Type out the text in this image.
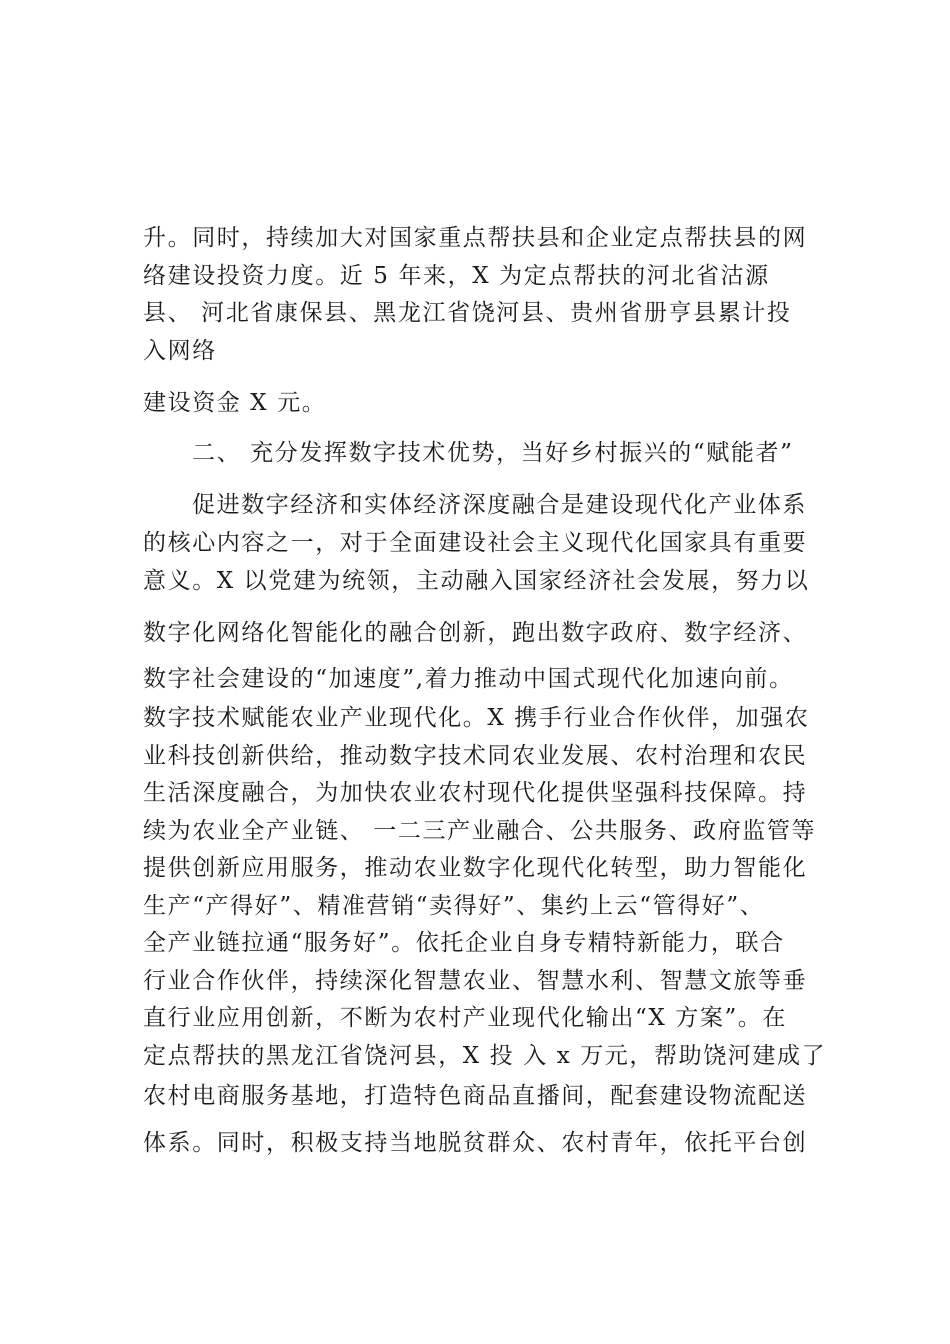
升。同时，持续加大对国家重点帮扶县和企业定点帮扶县的网
络建设投资力度。近 5 年来，X 为定点帮扶的河北省沽源
县、 河北省康保县、黑龙江省饶河县、贵州省册亨县累计投
入网络
建设资金 X 元。
二、 充分发挥数字技术优势，当好乡村振兴的“赋能者”
促进数字经济和实体经济深度融合是建设现代化产业体系
的核心内容之一，对于全面建设社会主义现代化国家具有重要
意义。X 以党建为统领，主动融入国家经济社会发展，努力以
数字化网络化智能化的融合创新，跑出数字政府、数字经济、
数字社会建设的“加速度”,着力推动中国式现代化加速向前。
数字技术赋能农业产业现代化。X 携手行业合作伙伴，加强农
业科技创新供给，推动数字技术同农业发展、农村治理和农民
生活深度融合，为加快农业农村现代化提供坚强科技保障。持
续为农业全产业链、 一二三产业融合、公共服务、政府监管等
提供创新应用服务，推动农业数字化现代化转型，助力智能化
生产“产得好”、精准营销“卖得好”、集约上云“管得好”、
全产业链拉通“服务好”。依托企业自身专精特新能力，联合
行业合作伙伴，持续深化智慧农业、智慧水利、智慧文旅等垂
直行业应用创新，不断为农村产业现代化输出“X 方案”。在
定点帮扶的黑龙江省饶河县，X 投 入 x 万元，帮助饶河建成了
农村电商服务基地，打造特色商品直播间，配套建设物流配送
体系。同时，积极支持当地脱贫群众、农村青年，依托平台创
